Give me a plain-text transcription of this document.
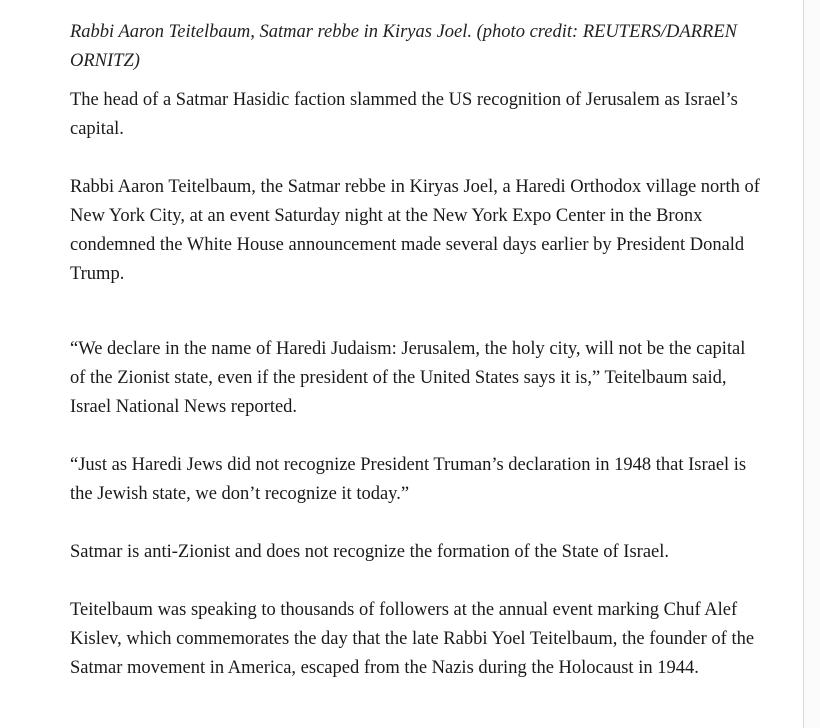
Rabbi Aaron Teitelbaum, Satmar rebbe in Kiryas Joel. (photo credit: REUTERS/DARREN ORNITZ)

The head of a Satmar Hasidic faction slammed the US recognition of Jerusalem as Israel’s capital.

Rabbi Aaron Teitelbaum, the Satmar rebbe in Kiryas Joel, a Haredi Orthodox village north of New York City, at an event Saturday night at the New York Expo Center in the Bronx condemned the White House announcement made several days earlier by President Donald Trump.

“We declare in the name of Haredi Judaism: Jerusalem, the holy city, will not be the capital of the Zionist state, even if the president of the United States says it is,” Teitelbaum said, Israel National News reported.

“Just as Haredi Jews did not recognize President Truman’s declaration in 1948 that Israel is the Jewish state, we don’t recognize it today.”

Satmar is anti-Zionist and does not recognize the formation of the State of Israel.

Teitelbaum was speaking to thousands of followers at the annual event marking Chuf Alef Kislev, which commemorates the day that the late Rabbi Yoel Teitelbaum, the founder of the Satmar movement in America, escaped from the Nazis during the Holocaust in 1944.
